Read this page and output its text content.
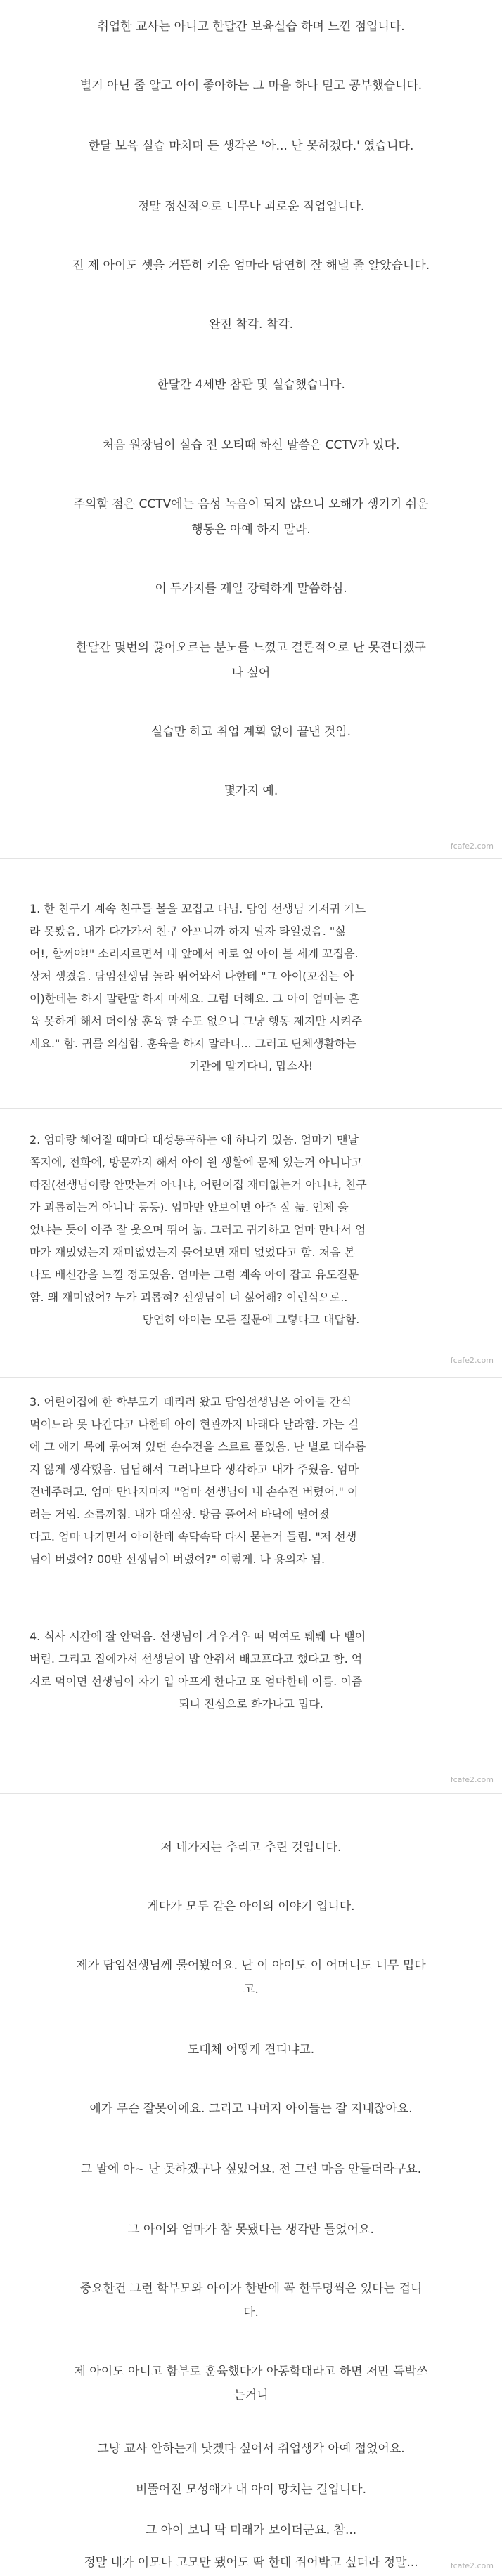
취업한 교사는 아니고 한달간 보육실습 하며 느낀 점입니다.
별거 아닌 줄 알고 아이 좋아하는 그 마음 하나 믿고 공부했습니다.
한달 보육 실습 마치며 든 생각은 '아... 난 못하겠다.' 였습니다.
정말 정신적으로 너무나 괴로운 직업입니다.
전 제 아이도 셋을 거뜬히 키운 엄마라 당연히 잘 해낼 줄 알았습니다.
완전 착각. 착각.
한달간 4세반 참관 및 실습했습니다.
처음 원장님이 실습 전 오티때 하신 말씀은 CCTV가 있다.
주의할 점은 CCTV에는 음성 녹음이 되지 않으니 오해가 생기기 쉬운
행동은 아예 하지 말라.
이 두가지를 제일 강력하게 말씀하심.
한달간 몇번의 끓어오르는 분노를 느꼈고 결론적으로 난 못견디겠구
나 싶어
실습만 하고 취업 계획 없이 끝낸 것임.
몇가지 예.
fcafe2.com
1. 한 친구가 계속 친구들 볼을 꼬집고 다님. 담임 선생님 기저귀 가느
라 못봤음, 내가 다가가서 친구 아프니까 하지 말자 타일렀음. "싫
어!, 할꺼야!" 소리지르면서 내 앞에서 바로 옆 아이 볼 세게 꼬집음.
상처 생겼음. 담임선생님 놀라 뛰어와서 나한테 "그 아이(꼬집는 아
이)한테는 하지 말란말 하지 마세요. 그럼 더해요. 그 아이 엄마는 훈
육 못하게 해서 더이상 훈육 할 수도 없으니 그냥 행동 제지만 시켜주
세요." 함. 귀를 의심함. 훈육을 하지 말라니... 그러고 단체생활하는
기관에 맡기다니, 맙소사!
2. 엄마랑 헤어질 때마다 대성통곡하는 애 하나가 있음. 엄마가 맨날
쪽지에, 전화에, 방문까지 해서 아이 원 생활에 문제 있는거 아니냐고
따짐(선생님이랑 안맞는거 아니냐, 어린이집 재미없는거 아니냐, 친구
가 괴롭히는거 아니냐 등등). 엄마만 안보이면 아주 잘 놂. 언제 울
었냐는 듯이 아주 잘 웃으며 뛰어 놂. 그러고 귀가하고 엄마 만나서 엄
마가 재밌었는지 재미없었는지 물어보면 재미 없었다고 함. 처음 본
나도 배신감을 느낄 정도였음. 엄마는 그럼 계속 아이 잡고 유도질문
함. 왜 재미없어? 누가 괴롭혀? 선생님이 너 싫어해? 이런식으로..
당연히 아이는 모든 질문에 그렇다고 대답함.
fcafe2.com
3. 어린이집에 한 학부모가 데리러 왔고 담임선생님은 아이들 간식
먹이느라 못 나간다고 나한테 아이 현관까지 바래다 달라함. 가는 길
에 그 애가 목에 묶여져 있던 손수건을 스르르 풀었음. 난 별로 대수롭
지 않게 생각했음. 답답해서 그러나보다 생각하고 내가 주웠음. 엄마
건네주려고. 엄마 만나자마자 "엄마 선생님이 내 손수건 버렸어." 이
러는 거임. 소름끼침. 내가 대실장. 방금 풀어서 바닥에 떨어졌
다고. 엄마 나가면서 아이한테 속닥속닥 다시 묻는거 들림. "저 선생
님이 버렸어? 00반 선생님이 버렸어?" 이렇게. 나 용의자 됨.
4. 식사 시간에 잘 안먹음. 선생님이 겨우겨우 떠 먹여도 퉤퉤 다 뱉어
버림. 그리고 집에가서 선생님이 밥 안줘서 배고프다고 했다고 함. 억
지로 먹이면 선생님이 자기 입 아프게 한다고 또 엄마한테 이름. 이즘
되니 진심으로 화가나고 밉다.
fcafe2.com
저 네가지는 추리고 추린 것입니다.
게다가 모두 같은 아이의 이야기 입니다.
제가 담임선생님께 물어봤어요. 난 이 아이도 이 어머니도 너무 밉다
고.
도대체 어떻게 견디냐고.
애가 무슨 잘못이에요. 그리고 나머지 아이들는 잘 지내잖아요.
그 말에 아~ 난 못하겠구나 싶었어요. 전 그런 마음 안들더라구요.
그 아이와 엄마가 참 못됐다는 생각만 들었어요.
중요한건 그런 학부모와 아이가 한반에 꼭 한두명씩은 있다는 겁니
다.
제 아이도 아니고 함부로 훈육했다가 아동학대라고 하면 저만 독박쓰
는거니
그냥 교사 안하는게 낫겠다 싶어서 취업생각 아예 접었어요.
비뚤어진 모성애가 내 아이 망치는 길입니다.
그 아이 보니 딱 미래가 보이더군요. 참...
정말 내가 이모나 고모만 됐어도 딱 한대 쥐어박고 싶더라 정말...	fcafe2.com
